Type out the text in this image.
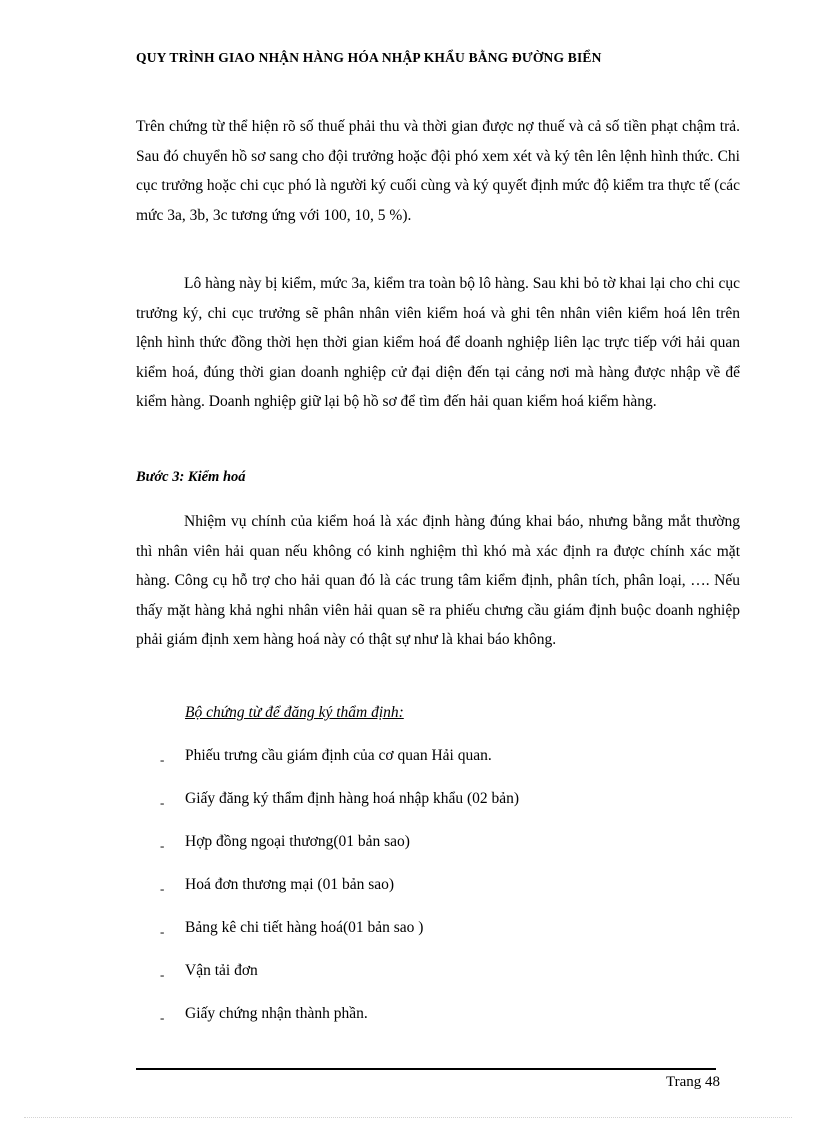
QUY TRÌNH GIAO NHẬN HÀNG HÓA NHẬP KHẨU BẰNG ĐƯỜNG BIỂN
Trên chứng từ thể hiện rõ số thuế phải thu và thời gian được nợ thuế và cả số tiền phạt chậm trả. Sau đó chuyển hồ sơ sang cho đội trưởng hoặc đội phó xem xét và ký tên lên lệnh hình thức. Chi cục trưởng hoặc chi cục phó là người ký cuối cùng và ký quyết định mức độ kiểm tra thực tế (các mức 3a, 3b, 3c tương ứng với 100, 10, 5 %).
Lô hàng này bị kiểm, mức 3a, kiểm tra toàn bộ lô hàng. Sau khi bỏ tờ khai lại cho chi cục trưởng ký, chi cục trưởng sẽ phân nhân viên kiểm hoá và ghi tên nhân viên kiểm hoá lên trên lệnh hình thức đồng thời hẹn thời gian kiểm hoá để doanh nghiệp liên lạc trực tiếp với hải quan kiểm hoá, đúng thời gian doanh nghiệp cử đại diện đến tại cảng nơi mà hàng được nhập về để kiểm hàng. Doanh nghiệp giữ lại bộ hồ sơ để tìm đến hải quan kiểm hoá kiểm hàng.
Bước 3: Kiểm hoá
Nhiệm vụ chính của kiểm hoá là xác định hàng đúng khai báo, nhưng bằng mắt thường thì nhân viên hải quan nếu không có kinh nghiệm thì khó mà xác định ra được chính xác mặt hàng. Công cụ hỗ trợ cho hải quan đó là các trung tâm kiểm định, phân tích, phân loại, …. Nếu thấy mặt hàng khả nghi nhân viên hải quan sẽ ra phiếu chưng cầu giám định buộc doanh nghiệp phải giám định xem hàng hoá này có thật sự như là khai báo không.
Bộ chứng từ để đăng ký thẩm định:
- Phiếu trưng cầu giám định của cơ quan Hải quan.
- Giấy đăng ký thẩm định hàng hoá nhập khẩu (02 bản)
- Hợp đồng ngoại thương(01 bản sao)
- Hoá đơn thương mại (01 bản sao)
- Bảng kê chi tiết hàng hoá(01 bản sao )
- Vận tải đơn
- Giấy chứng nhận thành phần.
Trang 48
